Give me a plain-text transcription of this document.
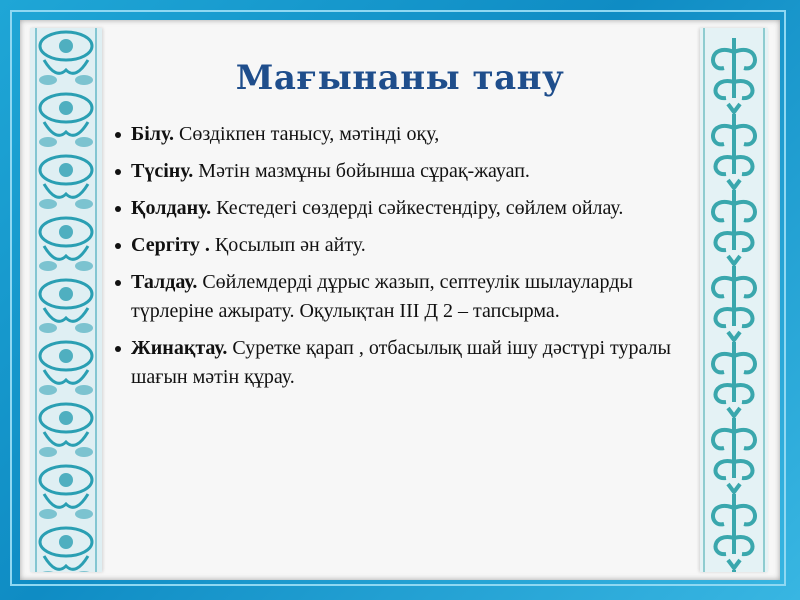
Мағынаны тану
Білу. Сөздікпен танысу, мәтінді оқу,
Түсіну. Мәтін мазмұны бойынша сұрақ-жауап.
Қолдану. Кестедегі сөздерді сәйкестендіру, сөйлем ойлау.
Сергіту . Қосылып ән айту.
Талдау. Сөйлемдерді дұрыс жазып, септеулік шылауларды түрлеріне ажырату. Оқулықтан ІІІ Д 2 – тапсырма.
Жинақтау. Суретке қарап , отбасылық шай ішу дәстүрі туралы шағын мәтін құрау.
